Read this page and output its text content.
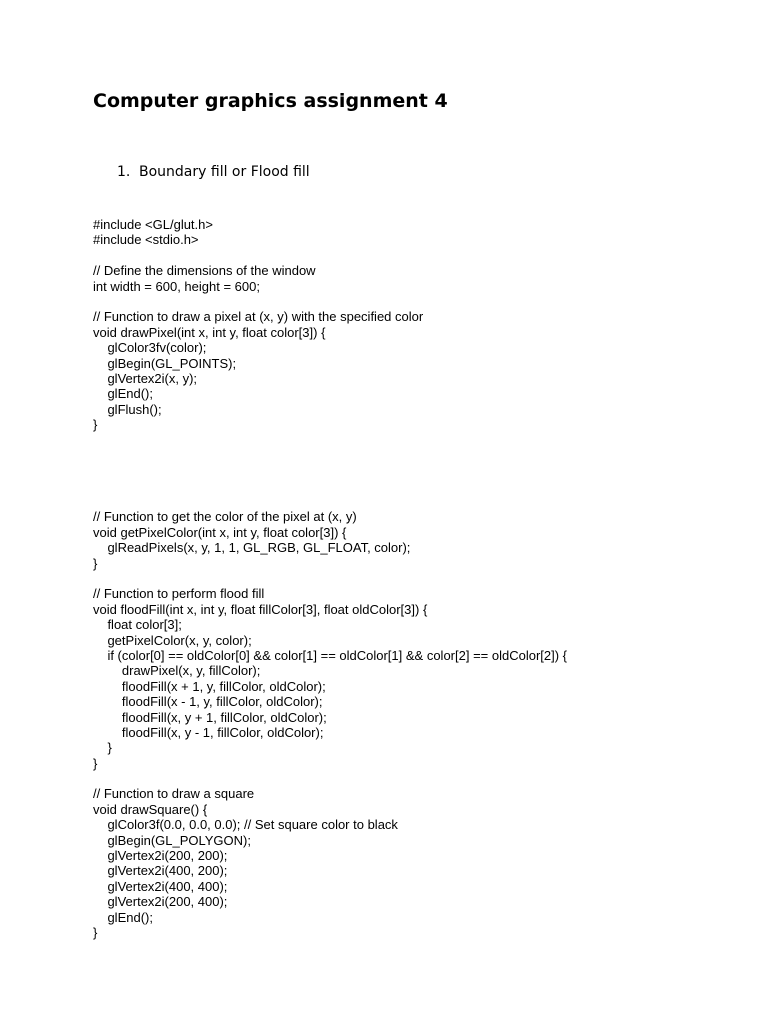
Computer graphics assignment 4
1. Boundary fill or Flood fill
#include <GL/glut.h>
#include <stdio.h>
// Define the dimensions of the window
int width = 600, height = 600;
// Function to draw a pixel at (x, y) with the specified color
void drawPixel(int x, int y, float color[3]) {
glColor3fv(color);
glBegin(GL_POINTS);
glVertex2i(x, y);
glEnd();
glFlush();
}
// Function to get the color of the pixel at (x, y)
void getPixelColor(int x, int y, float color[3]) {
glReadPixels(x, y, 1, 1, GL_RGB, GL_FLOAT, color);
}
// Function to perform flood fill
void floodFill(int x, int y, float fillColor[3], float oldColor[3]) {
float color[3];
getPixelColor(x, y, color);
if (color[0] == oldColor[0] && color[1] == oldColor[1] && color[2] == oldColor[2]) {
drawPixel(x, y, fillColor);
floodFill(x + 1, y, fillColor, oldColor);
floodFill(x - 1, y, fillColor, oldColor);
floodFill(x, y + 1, fillColor, oldColor);
floodFill(x, y - 1, fillColor, oldColor);
}
}
// Function to draw a square
void drawSquare() {
glColor3f(0.0, 0.0, 0.0); // Set square color to black
glBegin(GL_POLYGON);
glVertex2i(200, 200);
glVertex2i(400, 200);
glVertex2i(400, 400);
glVertex2i(200, 400);
glEnd();
}
